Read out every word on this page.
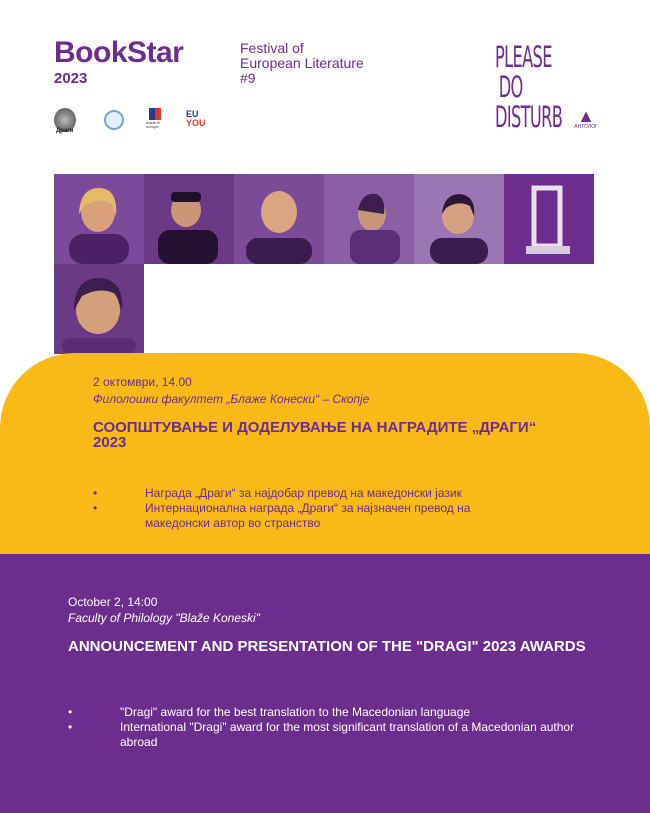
BookStar
2023
Festival of
European Literature
#9
PLEASE
DO
DISTURB ▲
АНТОЛОГ
Драги
made in europe
EU
YOU
2 октомври, 14.00
Филолошки факултет „Блаже Конески“ – Скопје
СООПШТУВАЊЕ И ДОДЕЛУВАЊЕ НА НАГРАДИТЕ „ДРАГИ“ 2023
•	Награда „Драги“ за најдобар превод на македонски јазик
•	Интернационална награда „Драги“ за најзначен превод на македонски автор во странство
October 2, 14:00
Faculty of Philology "Blaže Koneski"
ANNOUNCEMENT AND PRESENTATION OF THE "DRAGI" 2023 AWARDS
•	"Dragi" award for the best translation to the Macedonian language
•	International "Dragi" award for the most significant translation of a Macedonian author abroad
